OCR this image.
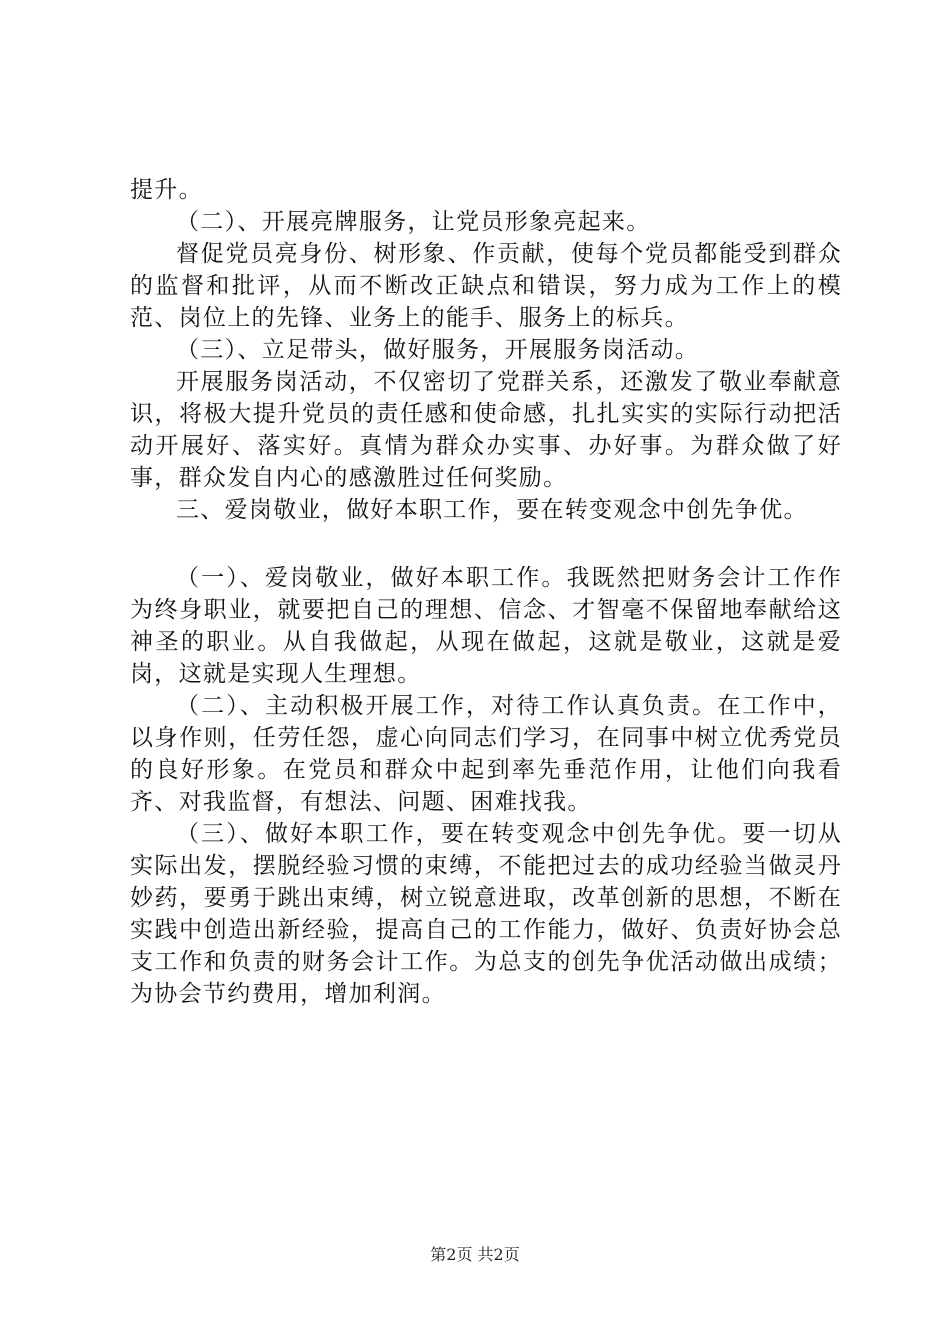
提升。

（二）、开展亮牌服务，让党员形象亮起来。

督促党员亮身份、树形象、作贡献，使每个党员都能受到群众的监督和批评，从而不断改正缺点和错误，努力成为工作上的模范、岗位上的先锋、业务上的能手、服务上的标兵。

（三）、立足带头，做好服务，开展服务岗活动。

开展服务岗活动，不仅密切了党群关系，还激发了敬业奉献意识，将极大提升党员的责任感和使命感，扎扎实实的实际行动把活动开展好、落实好。真情为群众办实事、办好事。为群众做了好事，群众发自内心的感激胜过任何奖励。

三、爱岗敬业，做好本职工作，要在转变观念中创先争优。

（一）、爱岗敬业，做好本职工作。我既然把财务会计工作作为终身职业，就要把自己的理想、信念、才智毫不保留地奉献给这神圣的职业。从自我做起，从现在做起，这就是敬业，这就是爱岗，这就是实现人生理想。

（二）、主动积极开展工作，对待工作认真负责。在工作中，以身作则，任劳任怨，虚心向同志们学习，在同事中树立优秀党员的良好形象。在党员和群众中起到率先垂范作用，让他们向我看齐、对我监督，有想法、问题、困难找我。

（三）、做好本职工作，要在转变观念中创先争优。要一切从实际出发，摆脱经验习惯的束缚，不能把过去的成功经验当做灵丹妙药，要勇于跳出束缚，树立锐意进取，改革创新的思想，不断在实践中创造出新经验，提高自己的工作能力，做好、负责好协会总支工作和负责的财务会计工作。为总支的创先争优活动做出成绩；为协会节约费用，增加利润。

第2页 共2页
